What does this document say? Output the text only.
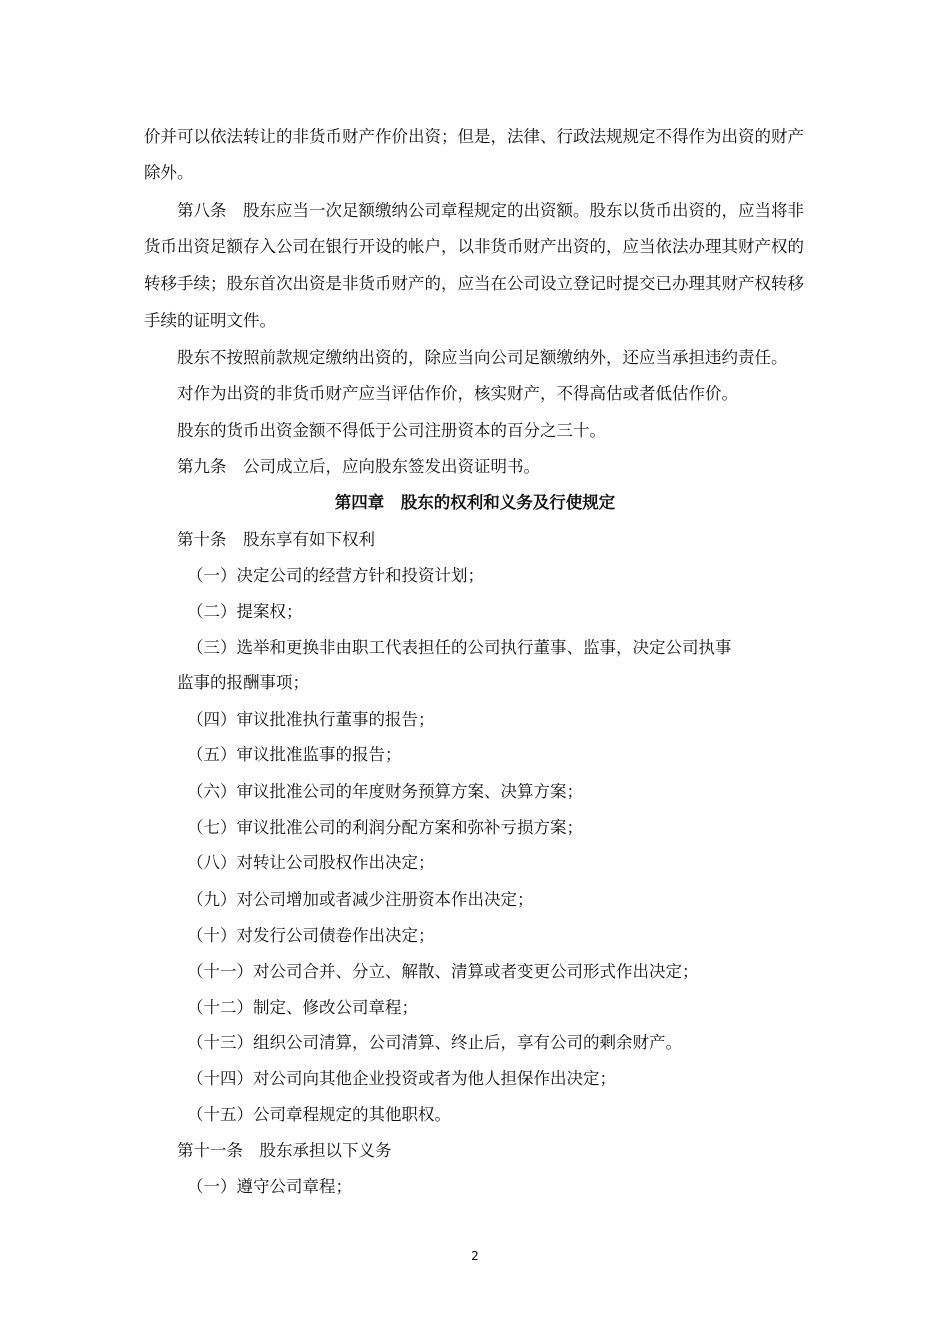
价并可以依法转让的非货币财产作价出资；但是，法律、行政法规规定不得作为出资的财产
除外。
第八条　股东应当一次足额缴纳公司章程规定的出资额。股东以货币出资的，应当将非
货币出资足额存入公司在银行开设的帐户，以非货币财产出资的，应当依法办理其财产权的
转移手续；股东首次出资是非货币财产的，应当在公司设立登记时提交已办理其财产权转移
手续的证明文件。
股东不按照前款规定缴纳出资的，除应当向公司足额缴纳外，还应当承担违约责任。
对作为出资的非货币财产应当评估作价，核实财产，不得高估或者低估作价。
股东的货币出资金额不得低于公司注册资本的百分之三十。
第九条　公司成立后，应向股东签发出资证明书。
第四章　股东的权利和义务及行使规定
第十条　股东享有如下权利
（一）决定公司的经营方针和投资计划；
（二）提案权；
（三）选举和更换非由职工代表担任的公司执行董事、监事，决定公司执事
监事的报酬事项；
（四）审议批准执行董事的报告；
（五）审议批准监事的报告；
（六）审议批准公司的年度财务预算方案、决算方案；
（七）审议批准公司的利润分配方案和弥补亏损方案；
（八）对转让公司股权作出决定；
（九）对公司增加或者减少注册资本作出决定；
（十）对发行公司债卷作出决定；
（十一）对公司合并、分立、解散、清算或者变更公司形式作出决定；
（十二）制定、修改公司章程；
（十三）组织公司清算，公司清算、终止后，享有公司的剩余财产。
（十四）对公司向其他企业投资或者为他人担保作出决定；
（十五）公司章程规定的其他职权。
第十一条　股东承担以下义务
（一）遵守公司章程；
2
